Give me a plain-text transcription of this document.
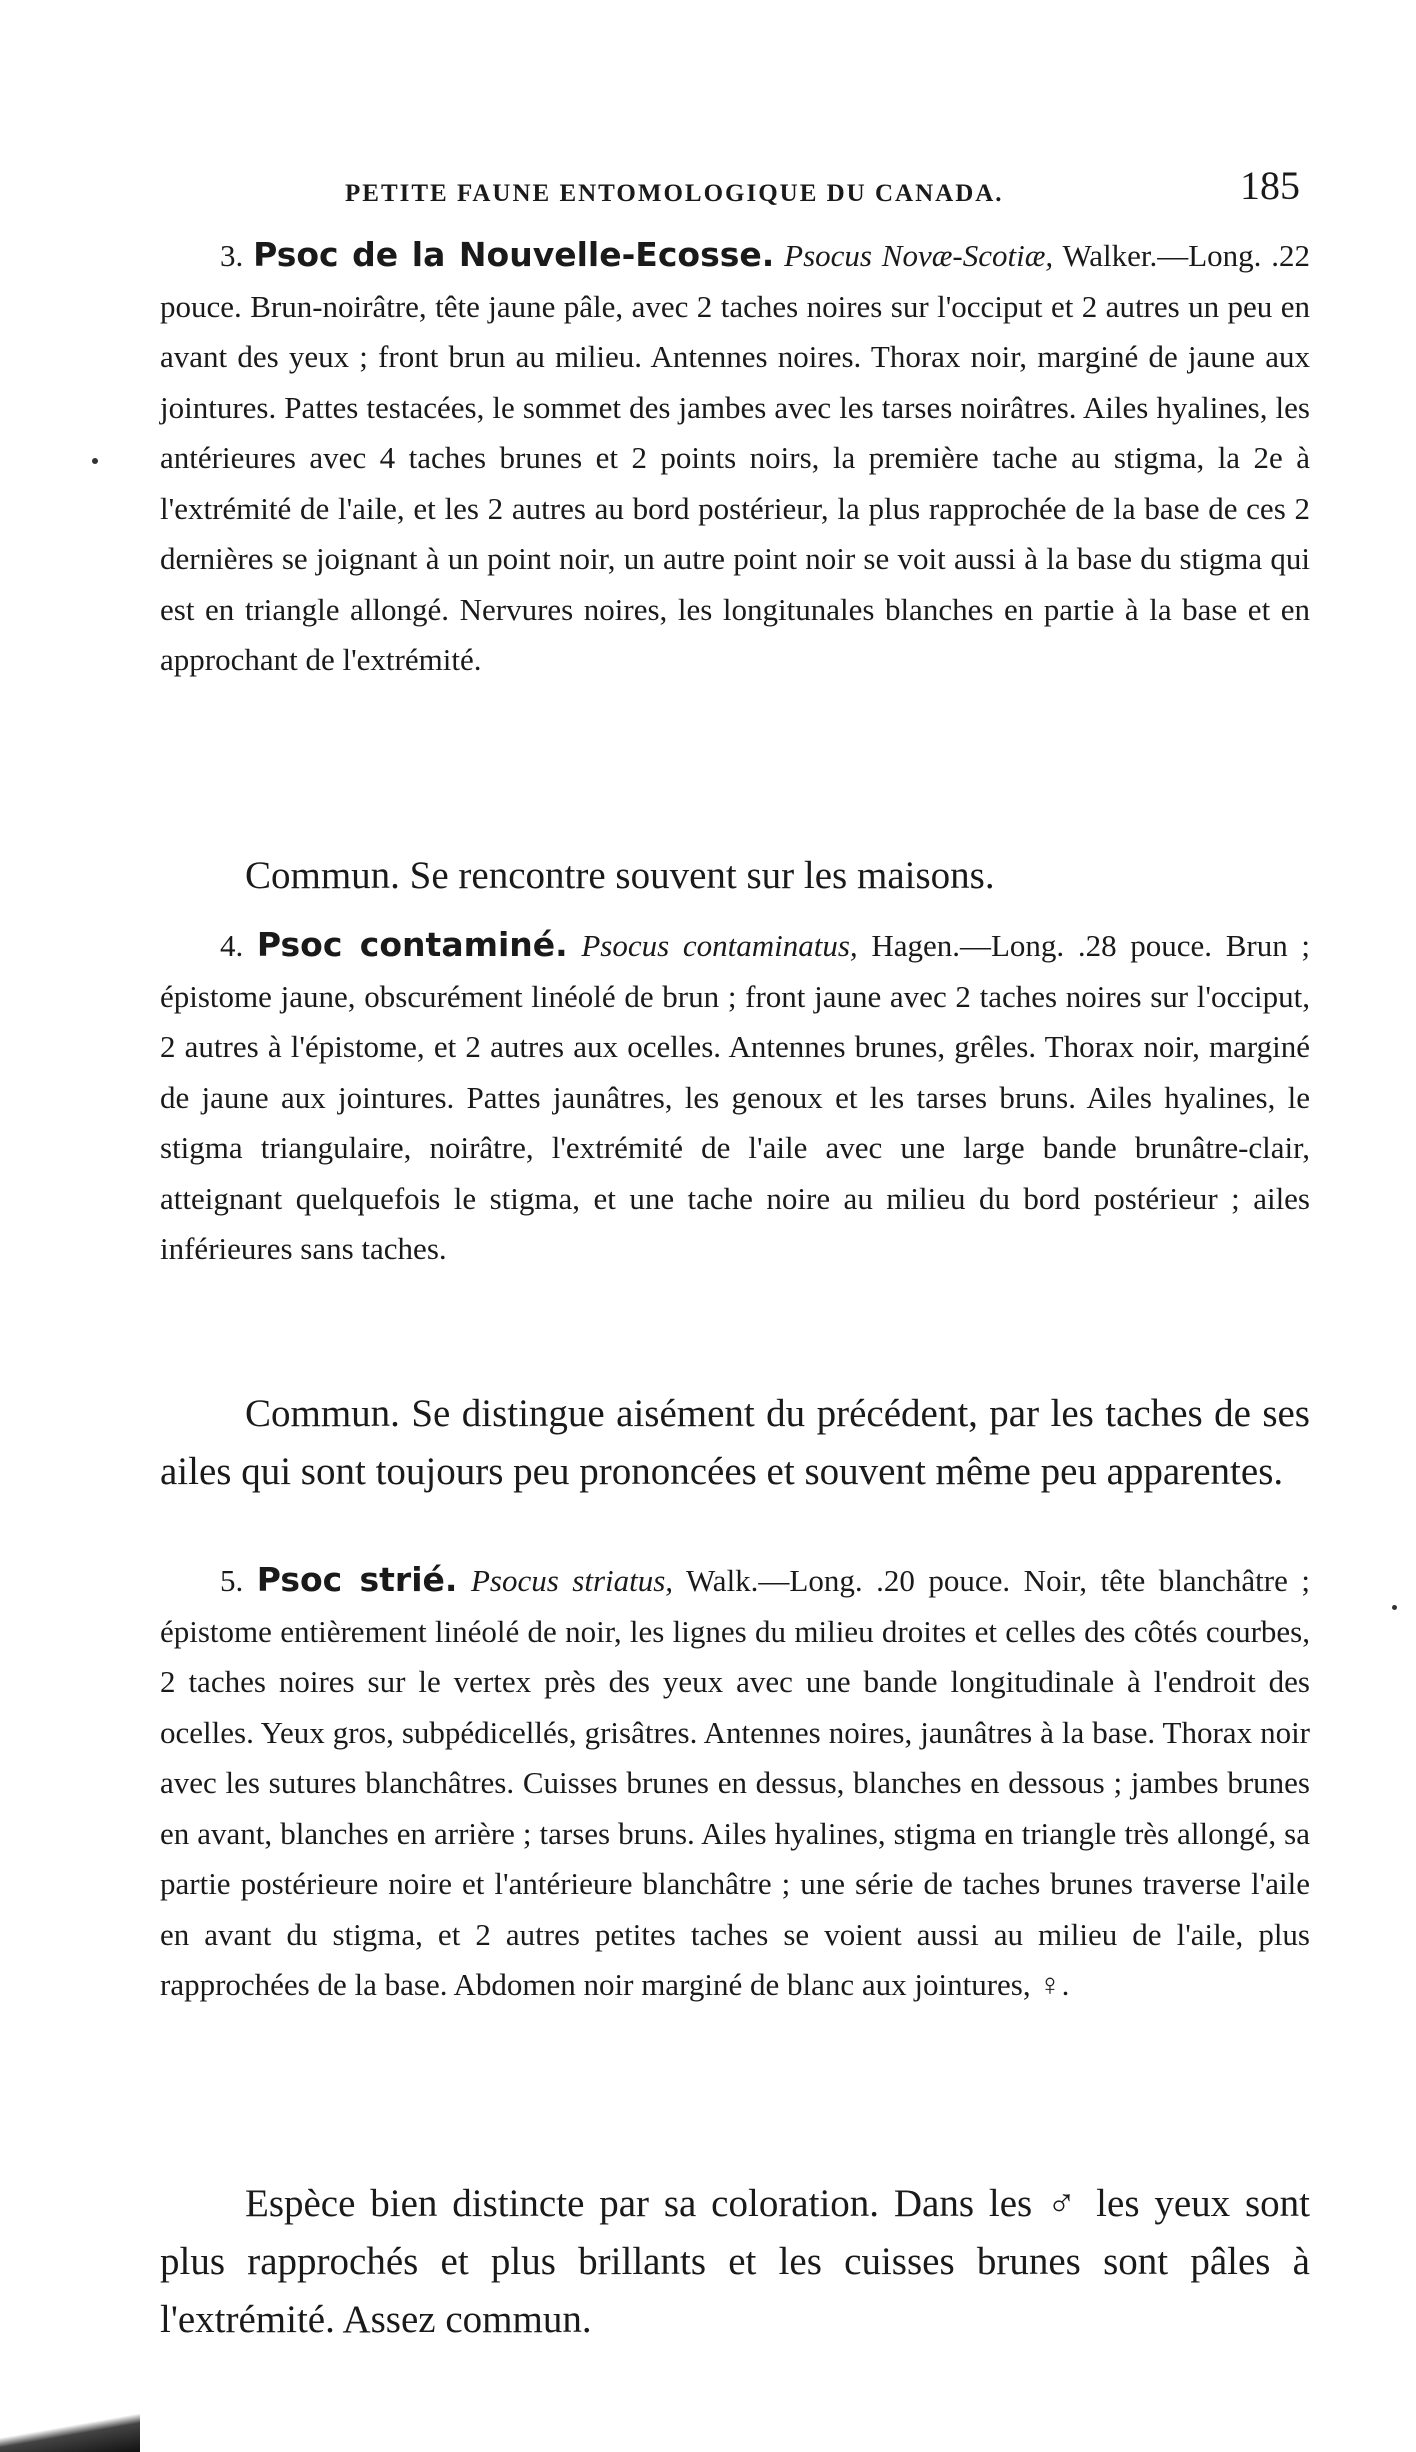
PETITE FAUNE ENTOMOLOGIQUE DU CANADA.	185
3. Psoc de la Nouvelle-Ecosse. Psocus Novæ-Scotiæ, Walker.—Long. .22 pouce. Brun-noirâtre, tête jaune pâle, avec 2 taches noires sur l'occiput et 2 autres un peu en avant des yeux ; front brun au milieu. Antennes noires. Thorax noir, marginé de jaune aux jointures. Pattes testacées, le sommet des jambes avec les tarses noirâtres. Ailes hyalines, les antérieures avec 4 taches brunes et 2 points noirs, la première tache au stigma, la 2e à l'extrémité de l'aile, et les 2 autres au bord postérieur, la plus rapprochée de la base de ces 2 dernières se joignant à un point noir, un autre point noir se voit aussi à la base du stigma qui est en triangle allongé. Nervures noires, les longitunales blanches en partie à la base et en approchant de l'extrémité.
Commun. Se rencontre souvent sur les maisons.
4. Psoc contaminé. Psocus contaminatus, Hagen.—Long. .28 pouce. Brun ; épistome jaune, obscurément linéolé de brun ; front jaune avec 2 taches noires sur l'occiput, 2 autres à l'épistome, et 2 autres aux ocelles. Antennes brunes, grêles. Thorax noir, marginé de jaune aux jointures. Pattes jaunâtres, les genoux et les tarses bruns. Ailes hyalines, le stigma triangulaire, noirâtre, l'extrémité de l'aile avec une large bande brunâtre-clair, atteignant quelquefois le stigma, et une tache noire au milieu du bord postérieur ; ailes inférieures sans taches.
Commun. Se distingue aisément du précédent, par les taches de ses ailes qui sont toujours peu prononcées et souvent même peu apparentes.
5. Psoc strié. Psocus striatus, Walk.—Long. .20 pouce. Noir, tête blanchâtre ; épistome entièrement linéolé de noir, les lignes du milieu droites et celles des côtés courbes, 2 taches noires sur le vertex près des yeux avec une bande longitudinale à l'endroit des ocelles. Yeux gros, subpédicellés, grisâtres. Antennes noires, jaunâtres à la base. Thorax noir avec les sutures blanchâtres. Cuisses brunes en dessus, blanches en dessous ; jambes brunes en avant, blanches en arrière ; tarses bruns. Ailes hyalines, stigma en triangle très allongé, sa partie postérieure noire et l'antérieure blanchâtre ; une série de taches brunes traverse l'aile en avant du stigma, et 2 autres petites taches se voient aussi au milieu de l'aile, plus rapprochées de la base. Abdomen noir marginé de blanc aux jointures, ♀.
Espèce bien distincte par sa coloration. Dans les ♂ les yeux sont plus rapprochés et plus brillants et les cuisses brunes sont pâles à l'extrémité. Assez commun.
